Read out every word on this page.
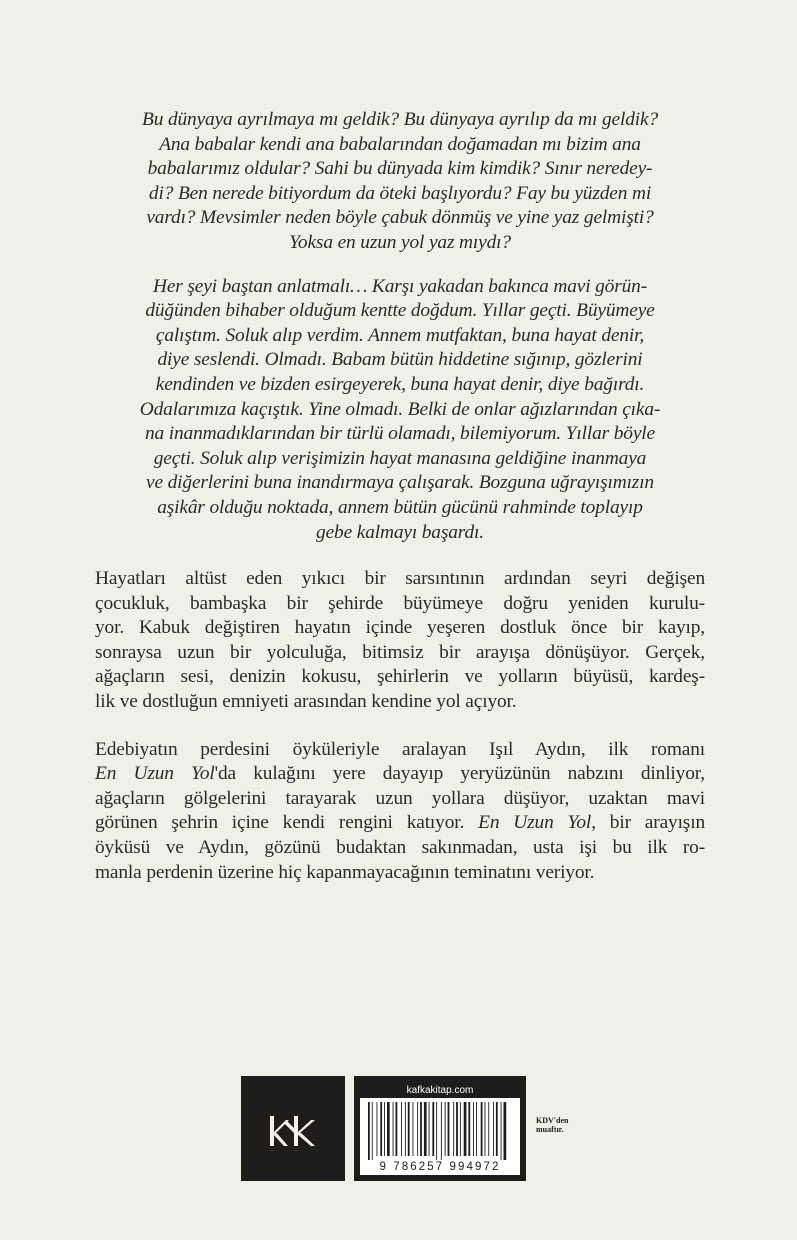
Bu dünyaya ayrılmaya mı geldik? Bu dünyaya ayrılıp da mı geldik?
Ana babalar kendi ana babalarından doğamadan mı bizim ana
babalarımız oldular? Sahi bu dünyada kim kimdik? Sınır neredey-
di? Ben nerede bitiyordum da öteki başlıyordu? Fay bu yüzden mi
vardı? Mevsimler neden böyle çabuk dönmüş ve yine yaz gelmişti?
Yoksa en uzun yol yaz mıydı?

Her şeyi baştan anlatmalı… Karşı yakadan bakınca mavi görün-
düğünden bihaber olduğum kentte doğdum. Yıllar geçti. Büyümeye
çalıştım. Soluk alıp verdim. Annem mutfaktan, buna hayat denir,
diye seslendi. Olmadı. Babam bütün hiddetine sığınıp, gözlerini
kendinden ve bizden esirgeyerek, buna hayat denir, diye bağırdı.
Odalarımıza kaçıştık. Yine olmadı. Belki de onlar ağızlarından çıka-
na inanmadıklarından bir türlü olamadı, bilemiyorum. Yıllar böyle
geçti. Soluk alıp verişimizin hayat manasına geldiğine inanmaya
ve diğerlerini buna inandırmaya çalışarak. Bozguna uğrayışımızın
aşikâr olduğu noktada, annem bütün gücünü rahminde toplayıp
gebe kalmayı başardı.

Hayatları altüst eden yıkıcı bir sarsıntının ardından seyri değişen
çocukluk, bambaşka bir şehirde büyümeye doğru yeniden kurulu-
yor. Kabuk değiştiren hayatın içinde yeşeren dostluk önce bir kayıp,
sonraysa uzun bir yolculuğa, bitimsiz bir arayışa dönüşüyor. Gerçek,
ağaçların sesi, denizin kokusu, şehirlerin ve yolların büyüsü, kardeş-
lik ve dostluğun emniyeti arasından kendine yol açıyor.

Edebiyatın perdesini öyküleriyle aralayan Işıl Aydın, ilk romanı
En Uzun Yol'da kulağını yere dayayıp yeryüzünün nabzını dinliyor,
ağaçların gölgelerini tarayarak uzun yollara düşüyor, uzaktan mavi
görünen şehrin içine kendi rengini katıyor. En Uzun Yol, bir arayışın
öyküsü ve Aydın, gözünü budaktan sakınmadan, usta işi bu ilk ro-
manla perdenin üzerine hiç kapanmayacağının teminatını veriyor.

kafkakitap.com
9 786257 994972
KDV'den
muaftır.
